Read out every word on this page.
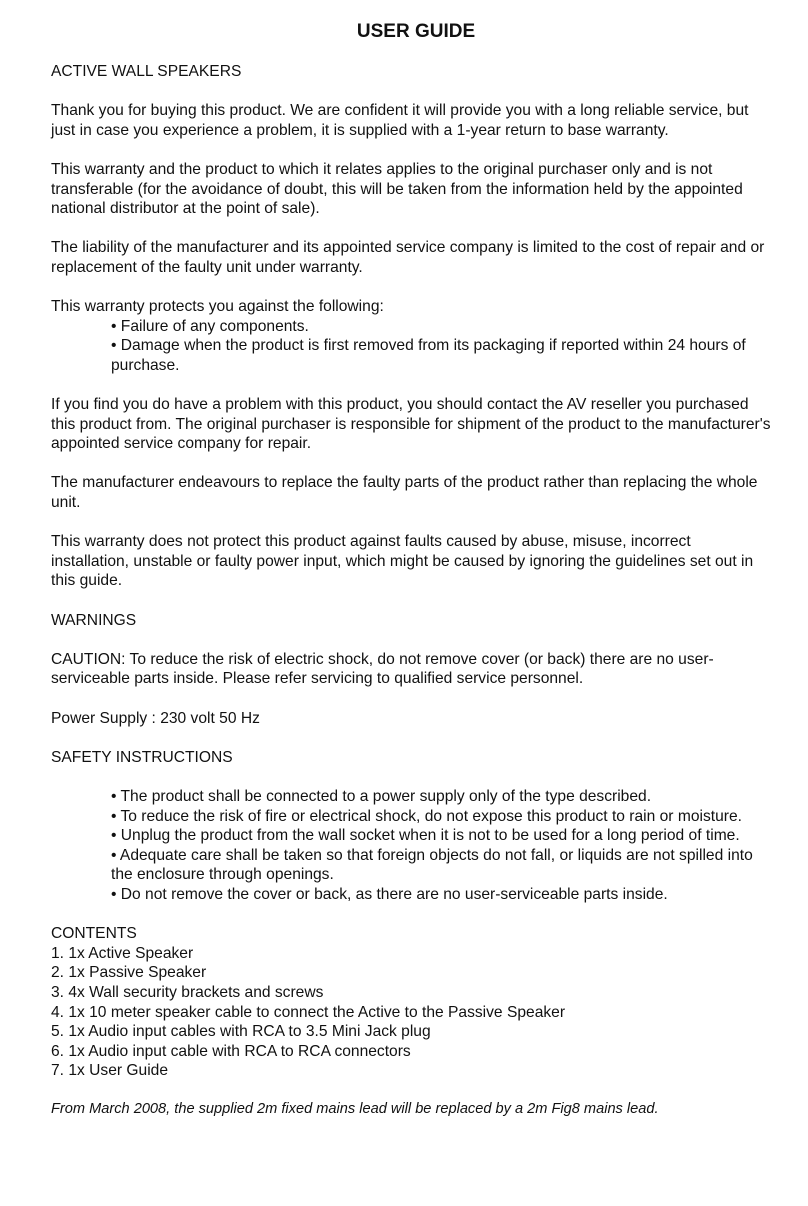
USER GUIDE
ACTIVE WALL SPEAKERS
Thank you for buying this product. We are confident it will provide you with a long reliable service, but just in case you experience a problem, it is supplied with a 1-year return to base warranty.
This warranty and the product to which it relates applies to the original purchaser only and is not transferable (for the avoidance of doubt, this will be taken from the information held by the appointed national distributor at the point of sale).
The liability of the manufacturer and its appointed service company is limited to the cost of repair and or replacement of the faulty unit under warranty.
This warranty protects you against the following:
• Failure of any components.
• Damage when the product is first removed from its packaging if reported within 24 hours of purchase.
If you find you do have a problem with this product, you should contact the AV reseller you purchased this product from. The original purchaser is responsible for shipment of the product to the manufacturer's appointed service company for repair.
The manufacturer endeavours to replace the faulty parts of the product rather than replacing the whole unit.
This warranty does not protect this product against faults caused by abuse, misuse, incorrect installation, unstable or faulty power input, which might be caused by ignoring the guidelines set out in this guide.
WARNINGS
CAUTION: To reduce the risk of electric shock, do not remove cover (or back) there are no user-serviceable parts inside. Please refer servicing to qualified service personnel.
Power Supply : 230 volt 50 Hz
SAFETY INSTRUCTIONS
• The product shall be connected to a power supply only of the type described.
• To reduce the risk of fire or electrical shock, do not expose this product to rain or moisture.
• Unplug the product from the wall socket when it is not to be used for a long period of time.
• Adequate care shall be taken so that foreign objects do not fall, or liquids are not spilled into the enclosure through openings.
• Do not remove the cover or back, as there are no user-serviceable parts inside.
CONTENTS
1. 1x Active Speaker
2. 1x Passive Speaker
3. 4x Wall security brackets and screws
4. 1x 10 meter speaker cable to connect the Active to the Passive Speaker
5. 1x Audio input cables with RCA to 3.5 Mini Jack plug
6. 1x Audio input cable with RCA to RCA connectors
7. 1x User Guide
From March 2008, the supplied 2m fixed mains lead will be replaced by a 2m Fig8 mains lead.
